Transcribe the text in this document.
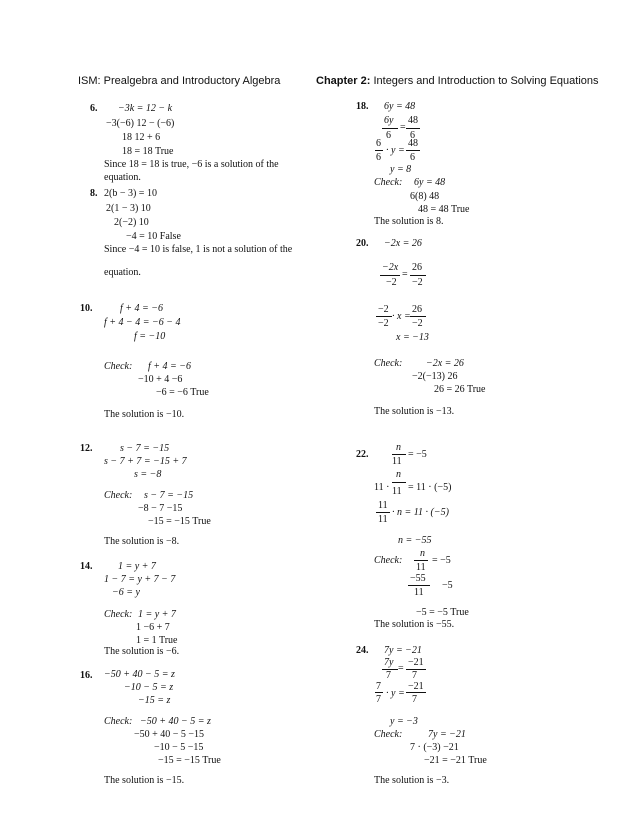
ISM: Prealgebra and Introductory Algebra	Chapter 2: Integers and Introduction to Solving Equations
6. −3k = 12 − k
−3(−6) 12 − (−6)
18 12 + 6
18 = 18 True
Since 18 = 18 is true, −6 is a solution of the
equation.
8. 2(b − 3) = 10
2(1 − 3) 10
2(−2) 10
−4 = 10 False
Since −4 = 10 is false, 1 is not a solution of the
equation.
10.	f + 4 = −6
f + 4 − 4 = −6 − 4
f = −10
Check: f + 4 = −6
−10 + 4 −6
−6 = −6 True
The solution is −10.
12.	s − 7 = −15
s − 7 + 7 = −15 + 7
s = −8
Check: s − 7 = −15
−8 − 7 −15
−15 = −15 True
The solution is −8.
14.	1 = y + 7
1 − 7 = y + 7 − 7
−6 = y
Check: 1 = y + 7
1 −6 + 7
1 = 1 True
The solution is −6.
16. −50 + 40 − 5 = z
−10 − 5 = z
−15 = z
Check: −50 + 40 − 5 = z
−50 + 40 − 5 −15
−10 − 5 −15
−15 = −15 True
The solution is −15.
18. 6y = 48
6y
6
=
48
6
6
6
· y =
48
6
y = 8
Check: 6y = 48
6(8) 48
48 = 48 True
The solution is 8.
20. −2x = 26
−2x
−2
=
26
−2
−2
−2
· x =
26
−2
x = −13
Check: −2x = 26
−2(−13) 26
26 = 26 True
The solution is −13.
22.
n
11
= −5
n
11
11 · = 11 · (−5)
11
11
· n = 11 · (−5)
n = −55
Check:
n
11
= −5
−55
11
−5
−5 = −5 True
The solution is −55.
24. 7y = −21
7y
7
=
−21
7
7
7
· y =
−21
7
y = −3
Check:	7y = −21
7 · (−3) −21
−21 = −21 True
The solution is −3.
